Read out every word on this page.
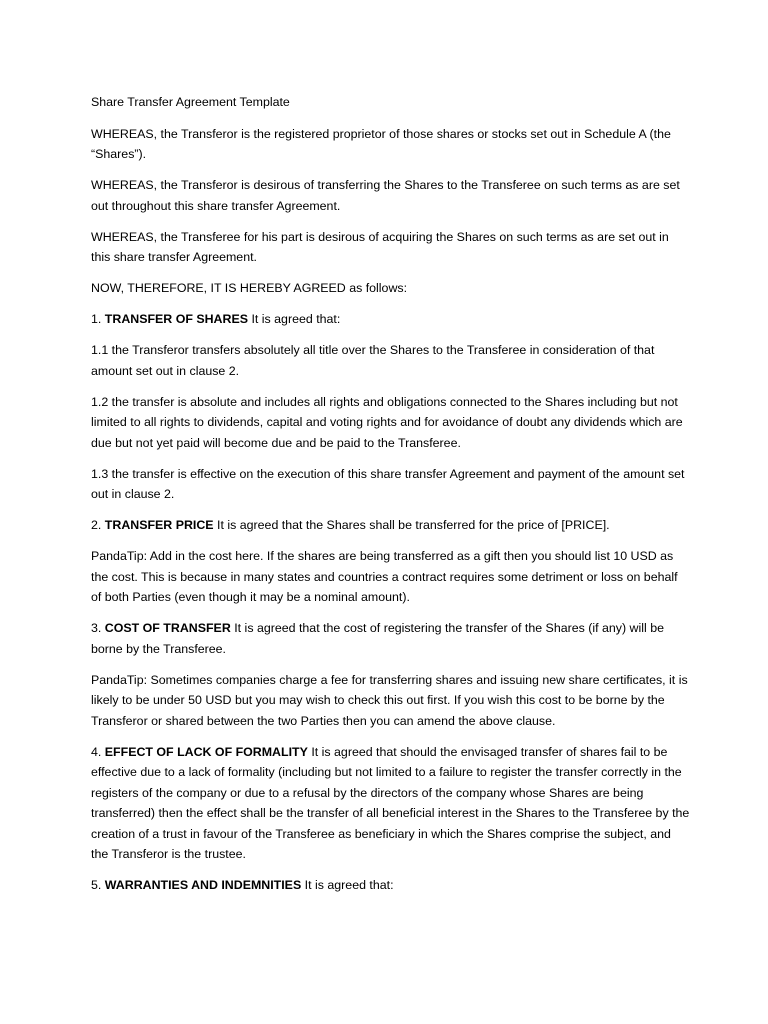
Share Transfer Agreement Template

WHEREAS, the Transferor is the registered proprietor of those shares or stocks set out in Schedule A (the “Shares”).

WHEREAS, the Transferor is desirous of transferring the Shares to the Transferee on such terms as are set out throughout this share transfer Agreement.

WHEREAS, the Transferee for his part is desirous of acquiring the Shares on such terms as are set out in this share transfer Agreement.

NOW, THEREFORE, IT IS HEREBY AGREED as follows:

1. TRANSFER OF SHARES It is agreed that:

1.1 the Transferor transfers absolutely all title over the Shares to the Transferee in consideration of that amount set out in clause 2.

1.2 the transfer is absolute and includes all rights and obligations connected to the Shares including but not limited to all rights to dividends, capital and voting rights and for avoidance of doubt any dividends which are due but not yet paid will become due and be paid to the Transferee.

1.3 the transfer is effective on the execution of this share transfer Agreement and payment of the amount set out in clause 2.

2. TRANSFER PRICE It is agreed that the Shares shall be transferred for the price of [PRICE].

PandaTip: Add in the cost here. If the shares are being transferred as a gift then you should list 10 USD as the cost. This is because in many states and countries a contract requires some detriment or loss on behalf of both Parties (even though it may be a nominal amount).

3. COST OF TRANSFER It is agreed that the cost of registering the transfer of the Shares (if any) will be borne by the Transferee.

PandaTip: Sometimes companies charge a fee for transferring shares and issuing new share certificates, it is likely to be under 50 USD but you may wish to check this out first. If you wish this cost to be borne by the Transferor or shared between the two Parties then you can amend the above clause.

4. EFFECT OF LACK OF FORMALITY It is agreed that should the envisaged transfer of shares fail to be effective due to a lack of formality (including but not limited to a failure to register the transfer correctly in the registers of the company or due to a refusal by the directors of the company whose Shares are being transferred) then the effect shall be the transfer of all beneficial interest in the Shares to the Transferee by the creation of a trust in favour of the Transferee as beneficiary in which the Shares comprise the subject, and the Transferor is the trustee.

5. WARRANTIES AND INDEMNITIES It is agreed that:
